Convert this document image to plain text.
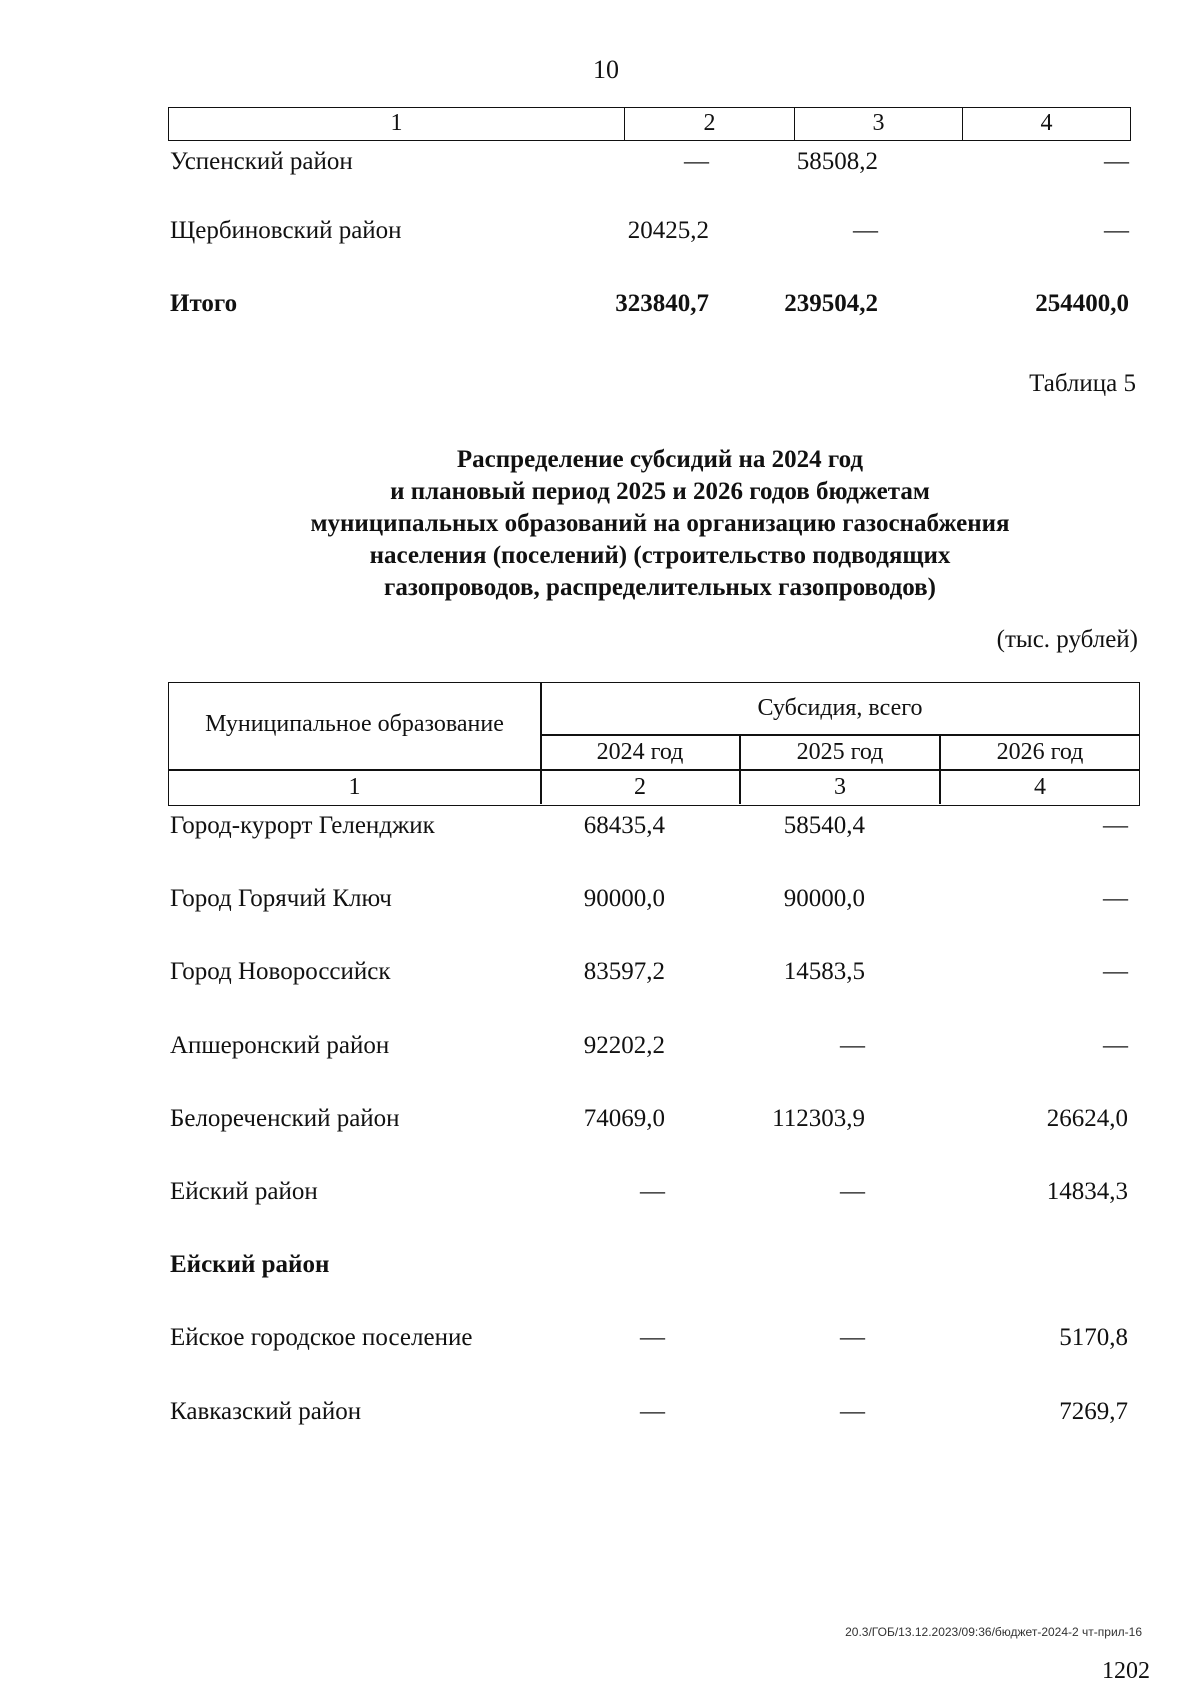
10
1	2	3	4
Успенский район	—	58508,2	—
Щербиновский район	20425,2	—	—
Итого	323840,7	239504,2	254400,0
Таблица 5
Распределение субсидий на 2024 год
и плановый период 2025 и 2026 годов бюджетам
муниципальных образований на организацию газоснабжения
населения (поселений) (строительство подводящих
газопроводов, распределительных газопроводов)
(тыс. рублей)
Муниципальное образование
Субсидия, всего
2024 год	2025 год	2026 год
1	2	3	4
Город-курорт Геленджик	68435,4	58540,4	—
Город Горячий Ключ	90000,0	90000,0	—
Город Новороссийск	83597,2	14583,5	—
Апшеронский район	92202,2	—	—
Белореченский район	74069,0	112303,9	26624,0
Ейский район	—	—	14834,3
Ейский район
Ейское городское поселение	—	—	5170,8
Кавказский район	—	—	7269,7
20.3/ГОБ/13.12.2023/09:36/бюджет-2024-2 чт-прил-16
1202
